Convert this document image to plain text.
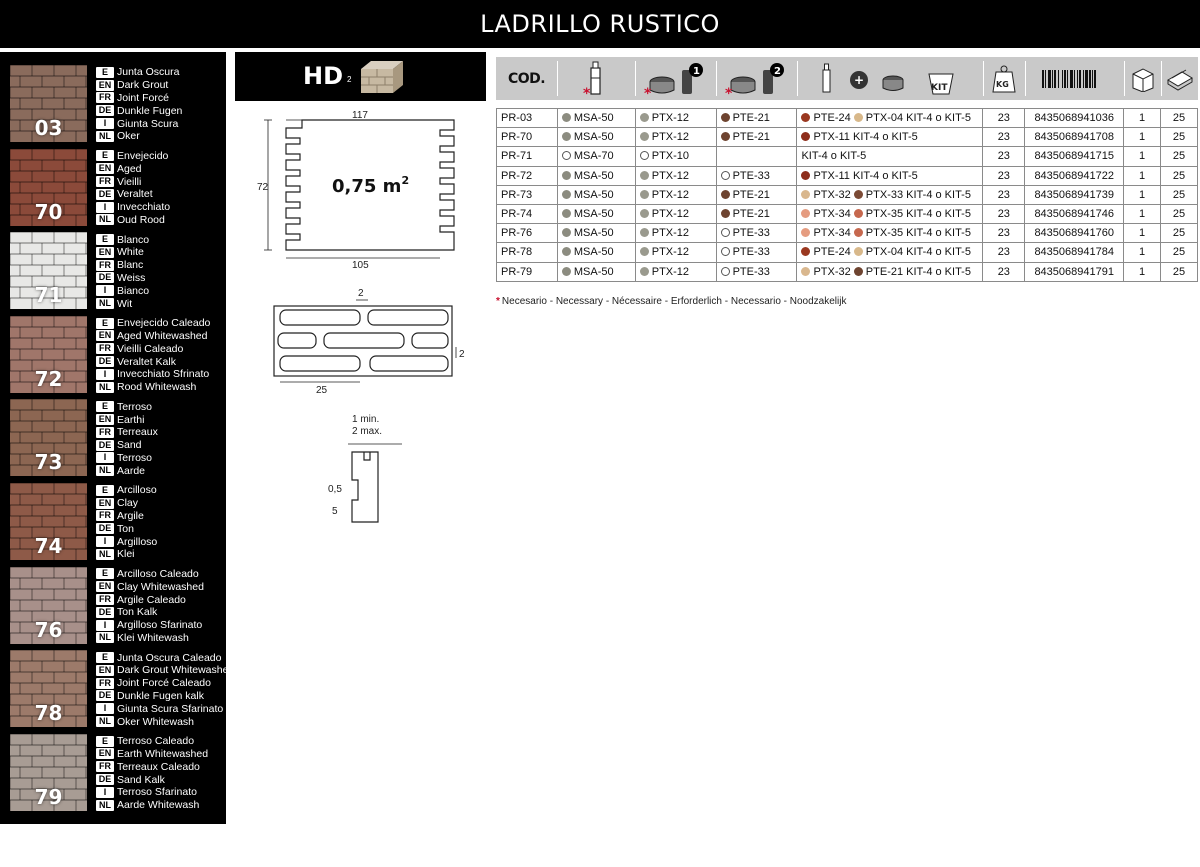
LADRILLO RUSTICO
03
E Junta Oscura
EN Dark Grout
FR Joint Forcé
DE Dunkle Fugen
I	Giunta Scura
NL Oker
70
E Envejecido
EN Aged
FR Vieilli
DE Veraltet
I	Invecchiato
NL Oud Rood
71
E Blanco
EN White
FR Blanc
DE Weiss
I	Bianco
NL Wit
72
E Envejecido Caleado
EN Aged Whitewashed
FR Vieilli Caleado
DE Veraltet Kalk
I	Invecchiato Sfrinato
NL Rood Whitewash
73
E Terroso
EN Earthi
FR Terreaux
DE Sand
I	Terroso
NL Aarde
74
E Arcilloso
EN Clay
FR Argile
DE Ton
I	Argilloso
NL Klei
76
E Arcilloso Caleado
EN Clay Whitewashed
FR Argile Caleado
DE Ton Kalk
I	Argilloso Sfarinato
NL Klei Whitewash
78
E Junta Oscura Caleado
EN Dark Grout Whitewashed
FR Joint Forcé Caleado
DE Dunkle Fugen kalk
I	Giunta Scura Sfarinato
NL Oker Whitewash
79
E Terroso Caleado
EN Earth Whitewashed
FR Terreaux Caleado
DE Sand Kalk
I	Terroso Sfarinato
NL Aarde Whitewash
HD 2
117
72
105
0,75 $m^2$
2
2
25
1 min.
2 max.
0,5
5
COD.
*
1
*
2
*
+
KIT	KG
PR-03	MSA-50	PTX-12	PTE-21	PTE-24 PTX-04 KIT-4 o KIT-5	23	8435068941036	1	25
PR-70	MSA-50	PTX-12	PTE-21	PTX-11 KIT-4 o KIT-5	23	8435068941708	1	25
PR-71	MSA-70	PTX-10		KIT-4 o KIT-5	23	8435068941715	1	25
PR-72	MSA-50	PTX-12	PTE-33	PTX-11 KIT-4 o KIT-5	23	8435068941722	1	25
PR-73	MSA-50	PTX-12	PTE-21	PTX-32 PTX-33 KIT-4 o KIT-5	23	8435068941739	1	25
PR-74	MSA-50	PTX-12	PTE-21	PTX-34 PTX-35 KIT-4 o KIT-5	23	8435068941746	1	25
PR-76	MSA-50	PTX-12	PTE-33	PTX-34 PTX-35 KIT-4 o KIT-5	23	8435068941760	1	25
PR-78	MSA-50	PTX-12	PTE-33	PTE-24 PTX-04 KIT-4 o KIT-5	23	8435068941784	1	25
PR-79	MSA-50	PTX-12	PTE-33	PTX-32 PTE-21 KIT-4 o KIT-5	23	8435068941791	1	25
* Necesario - Necessary - Nécessaire - Erforderlich - Necessario - Noodzakelijk
